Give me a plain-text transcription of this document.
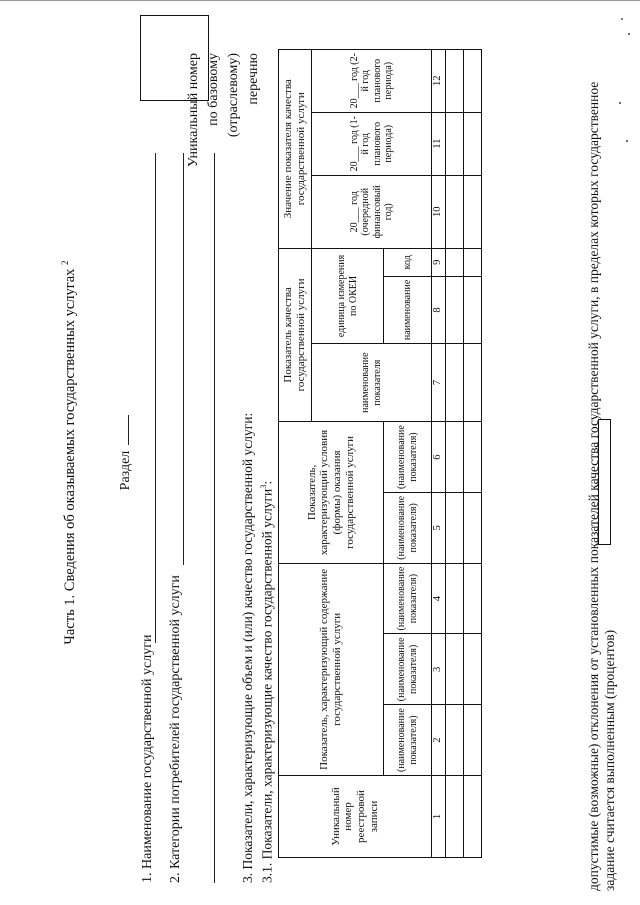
Часть 1. Сведения об оказываемых государственных услугах $^2$
Раздел
Уникальный номер по базовому (отраслевому) перечню
1. Наименование государственной услуги 2. Категории потребителей государственной услуги	3. Показатели, характеризующие объем и (или) качество государственной услуги: 3.1. Показатели, характеризующие качество государственной услуги$^3$:
Уникальный номер реестровой записи	Показатель, характеризующий содержание государственной услуги			Показатель, характеризующий условия (формы) оказания государственной услуги		Показатель качества государственной услуги			Значение показателя качества государственной услуги		
						наименование показателя	единица измерения по ОКЕИ		20___ год (очередной финансовый год)	20___ год (1-й год планового периода)	20___ год (2-й год планового периода)
	(наименование показателя)	(наименование показателя)	(наименование показателя)	(наименование показателя)	(наименование показателя)		наименование	код			
1	2	3	4	5	6	7	8	9	10	11	12

допустимые (возможные) отклонения от установленных показателей качества государственной услуги, в пределах которых государственное задание считается выполненным (процентов)
